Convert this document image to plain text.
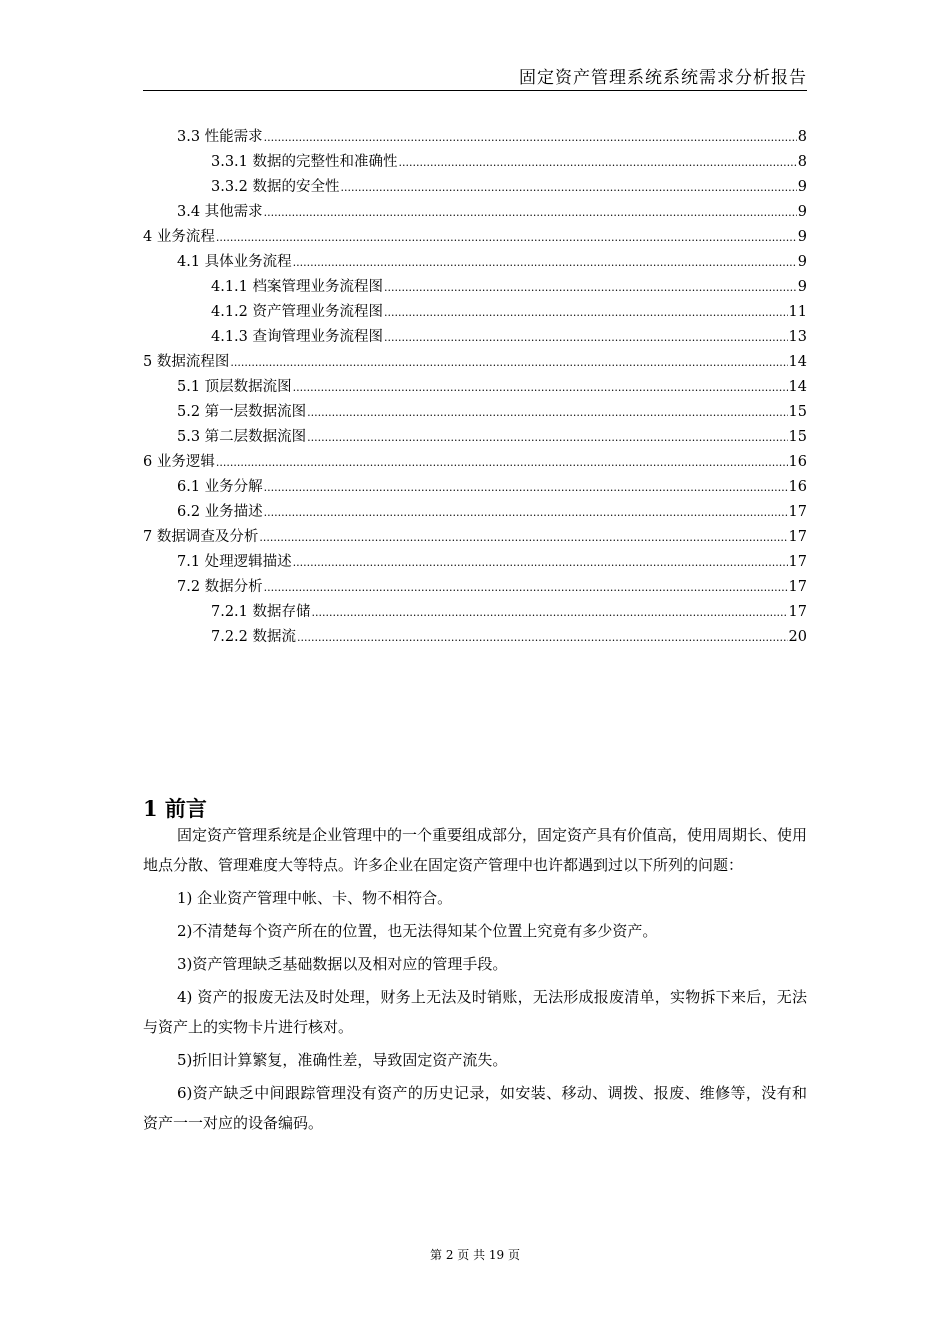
固定资产管理系统系统需求分析报告
3.3 性能需求 .....	8
3.3.1 数据的完整性和准确性 .....	8
3.3.2 数据的安全性 .....	9
3.4 其他需求 .....	9
4 业务流程 .....	9
4.1 具体业务流程 .....	9
4.1.1 档案管理业务流程图 .....	9
4.1.2 资产管理业务流程图 .....	11
4.1.3 查询管理业务流程图 .....	13
5 数据流程图 .....	14
5.1 顶层数据流图 .....	14
5.2 第一层数据流图 .....	15
5.3 第二层数据流图 .....	15
6 业务逻辑 .....	16
6.1 业务分解 .....	16
6.2 业务描述 .....	17
7 数据调查及分析 .....	17
7.1 处理逻辑描述 .....	17
7.2 数据分析 .....	17
7.2.1 数据存储 .....	17
7.2.2 数据流 .....	20
1 前言

固定资产管理系统是企业管理中的一个重要组成部分，固定资产具有价值高，使用周期长、使用地点分散、管理难度大等特点。许多企业在固定资产管理中也许都遇到过以下所列的问题：

1) 企业资产管理中帐、卡、物不相符合。

2)不清楚每个资产所在的位置，也无法得知某个位置上究竟有多少资产。

3)资产管理缺乏基础数据以及相对应的管理手段。

4) 资产的报废无法及时处理，财务上无法及时销账，无法形成报废清单，实物拆下来后，无法与资产上的实物卡片进行核对。

5)折旧计算繁复，准确性差，导致固定资产流失。

6)资产缺乏中间跟踪管理没有资产的历史记录，如安装、移动、调拨、报废、维修等，没有和资产一一对应的设备编码。

第 2 页 共 19 页
